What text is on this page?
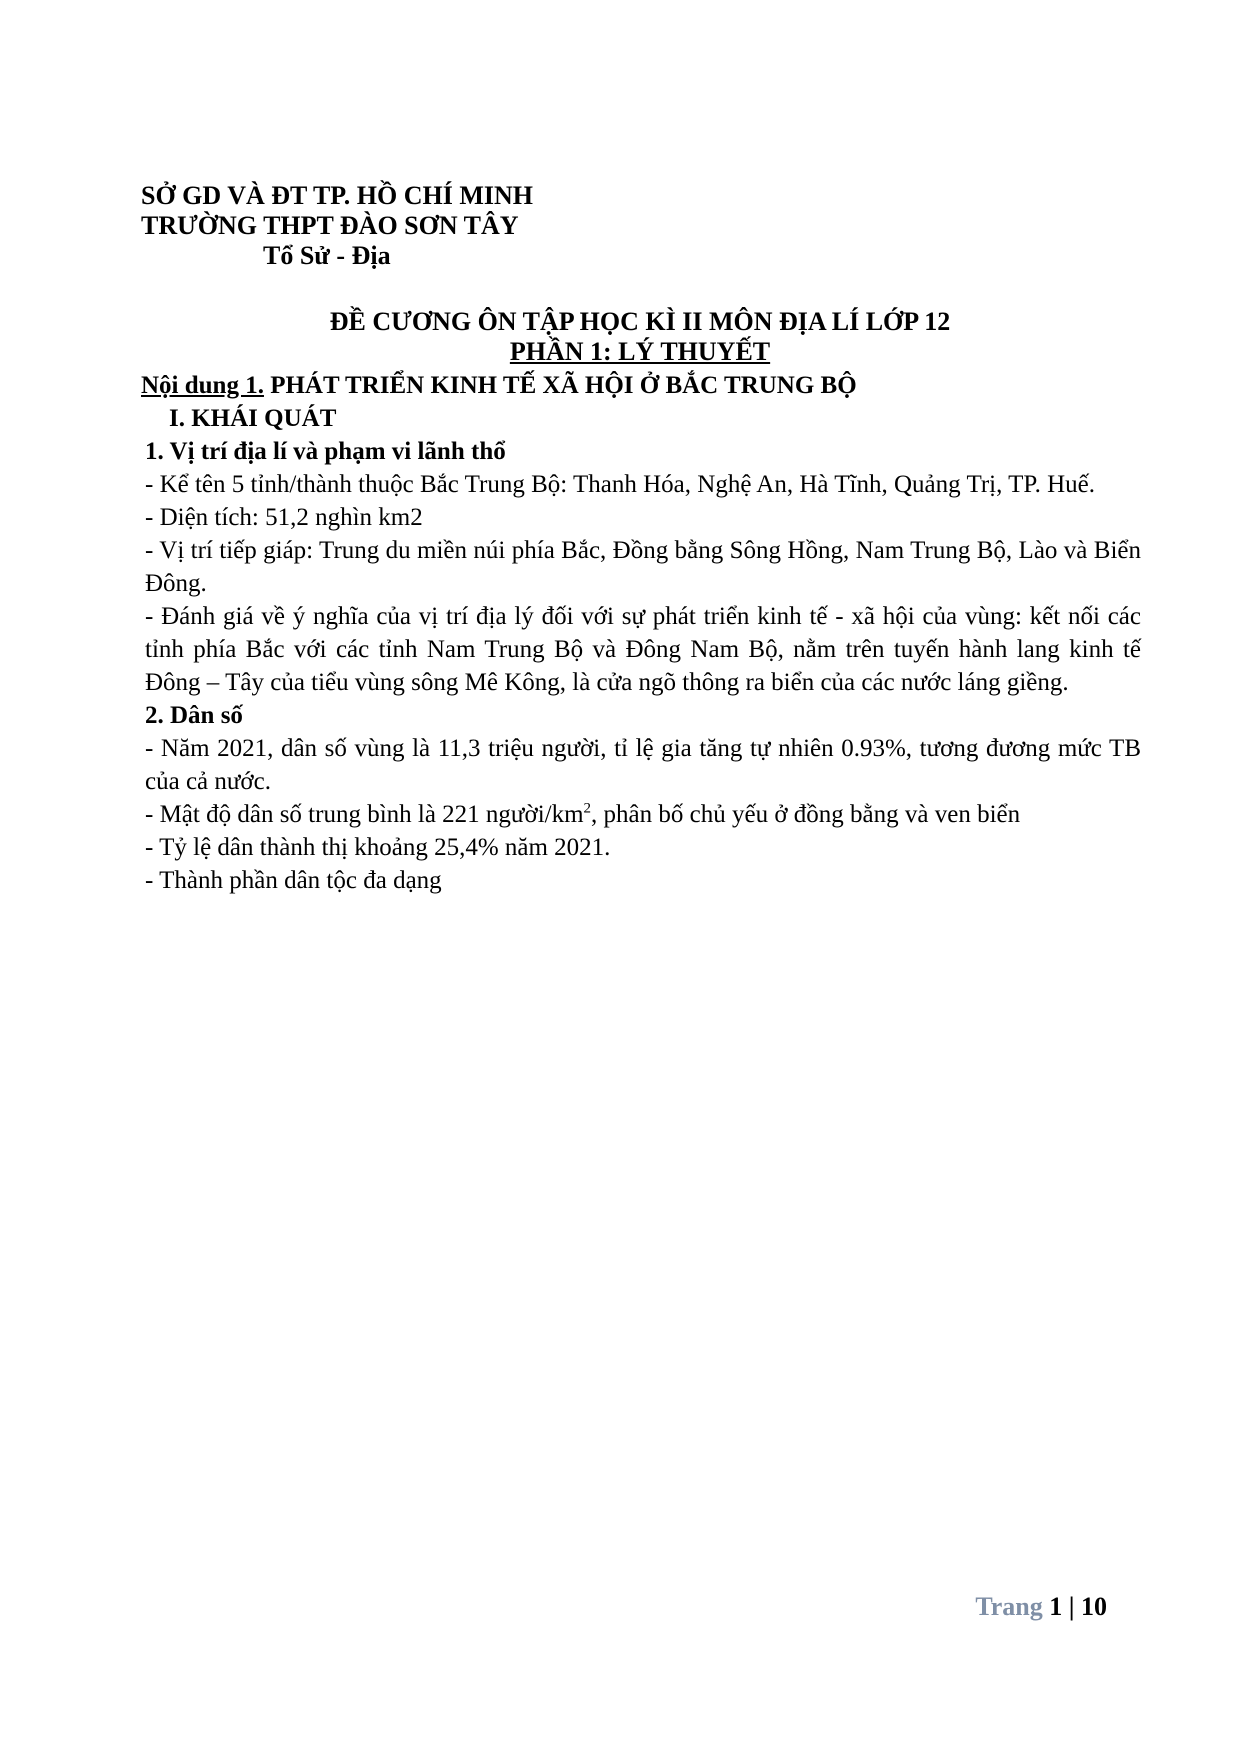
SỞ GD VÀ ĐT TP. HỒ CHÍ MINH
TRƯỜNG THPT ĐÀO SƠN TÂY
Tổ Sử - Địa
ĐỀ CƯƠNG ÔN TẬP HỌC KÌ II MÔN ĐỊA LÍ LỚP 12
PHẦN 1: LÝ THUYẾT

Nội dung 1. PHÁT TRIỂN KINH TẾ XÃ HỘI Ở BẮC TRUNG BỘ

I. KHÁI QUÁT

1. Vị trí địa lí và phạm vi lãnh thổ

- Kể tên 5 tỉnh/thành thuộc Bắc Trung Bộ: Thanh Hóa, Nghệ An, Hà Tĩnh, Quảng Trị, TP. Huế.

- Diện tích: 51,2 nghìn km2

- Vị trí tiếp giáp: Trung du miền núi phía Bắc, Đồng bằng Sông Hồng, Nam Trung Bộ, Lào và Biển Đông.

- Đánh giá về ý nghĩa của vị trí địa lý đối với sự phát triển kinh tế - xã hội của vùng: kết nối các tỉnh phía Bắc với các tỉnh Nam Trung Bộ và Đông Nam Bộ, nằm trên tuyến hành lang kinh tế Đông – Tây của tiểu vùng sông Mê Kông, là cửa ngõ thông ra biển của các nước láng giềng.

2. Dân số

- Năm 2021, dân số vùng là 11,3 triệu người, tỉ lệ gia tăng tự nhiên 0.93%, tương đương mức TB của cả nước.

- Mật độ dân số trung bình là 221 người/$km^2$, phân bố chủ yếu ở đồng bằng và ven biển

- Tỷ lệ dân thành thị khoảng 25,4% năm 2021.

- Thành phần dân tộc đa dạng

Trang 1 | 10
